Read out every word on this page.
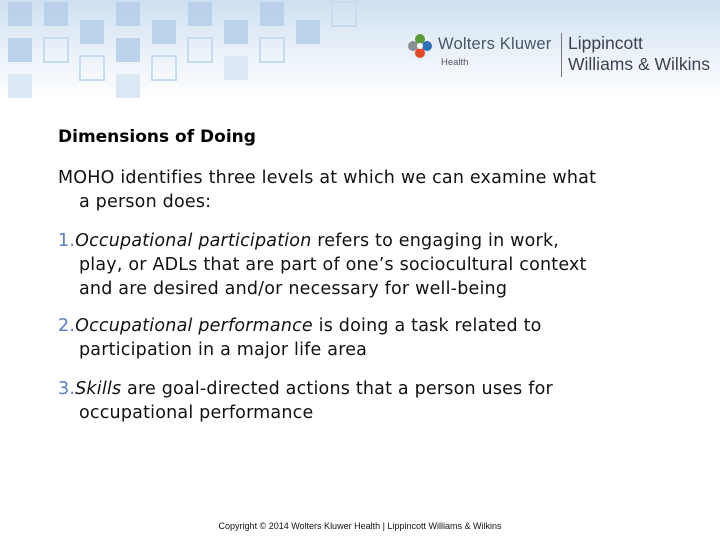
Wolters Kluwer
Health
Lippincott
Williams & Wilkins
Dimensions of Doing
MOHO identifies three levels at which we can examine what
a person does:
1.Occupational participation refers to engaging in work,
play, or ADLs that are part of one’s sociocultural context
and are desired and/or necessary for well-being
2.Occupational performance is doing a task related to
participation in a major life area
3.Skills are goal-directed actions that a person uses for
occupational performance
Copyright © 2014 Wolters Kluwer Health | Lippincott Williams & Wilkins
